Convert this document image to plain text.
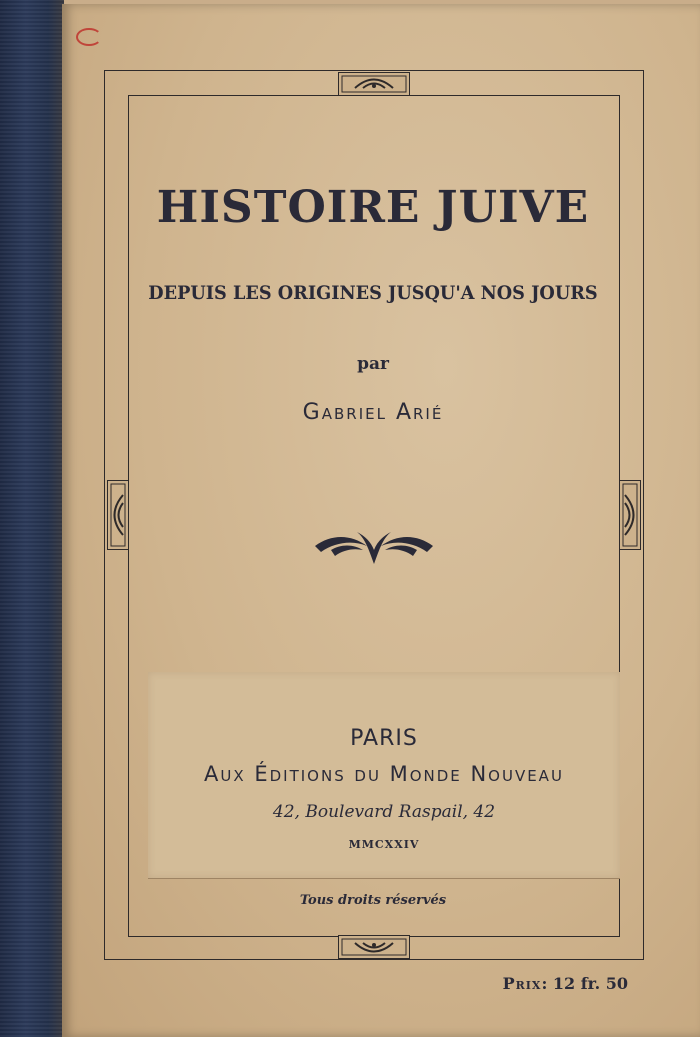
HISTOIRE JUIVE
DEPUIS LES ORIGINES JUSQU'A NOS JOURS
par
Gabriel Arié
PARIS
Aux Éditions du Monde Nouveau
42, Boulevard Raspail, 42
MMCXXIV
Tous droits réservés
Prix: 12 fr. 50
